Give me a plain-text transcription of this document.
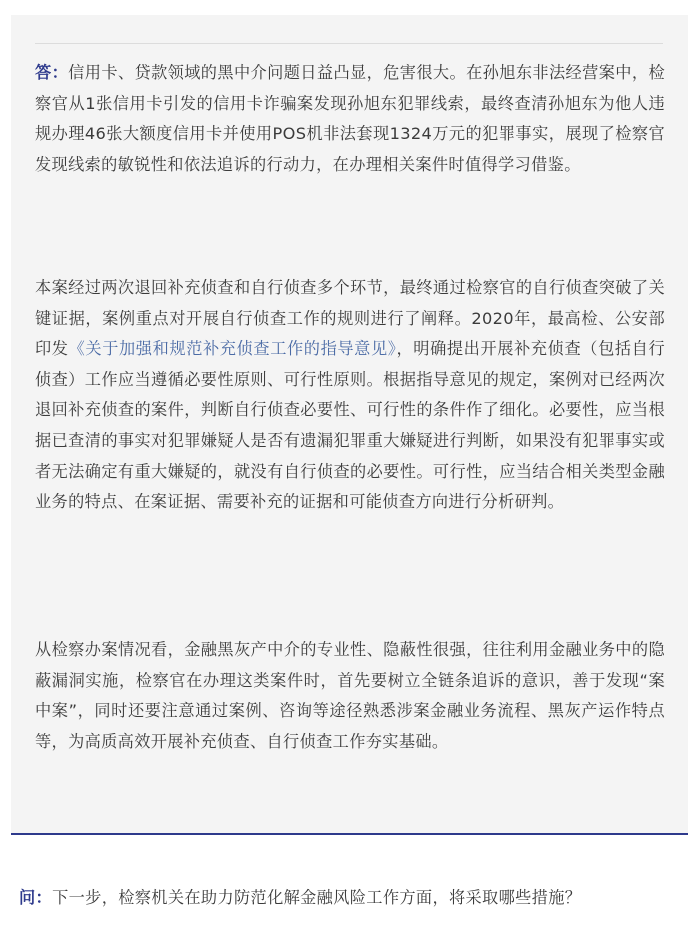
答：信用卡、贷款领域的黑中介问题日益凸显，危害很大。在孙旭东非法经营案中，检察官从1张信用卡引发的信用卡诈骗案发现孙旭东犯罪线索，最终查清孙旭东为他人违规办理46张大额度信用卡并使用POS机非法套现1324万元的犯罪事实，展现了检察官发现线索的敏锐性和依法追诉的行动力，在办理相关案件时值得学习借鉴。

本案经过两次退回补充侦查和自行侦查多个环节，最终通过检察官的自行侦查突破了关键证据，案例重点对开展自行侦查工作的规则进行了阐释。2020年，最高检、公安部印发《关于加强和规范补充侦查工作的指导意见》，明确提出开展补充侦查（包括自行侦查）工作应当遵循必要性原则、可行性原则。根据指导意见的规定，案例对已经两次退回补充侦查的案件，判断自行侦查必要性、可行性的条件作了细化。必要性，应当根据已查清的事实对犯罪嫌疑人是否有遗漏犯罪重大嫌疑进行判断，如果没有犯罪事实或者无法确定有重大嫌疑的，就没有自行侦查的必要性。可行性，应当结合相关类型金融业务的特点、在案证据、需要补充的证据和可能侦查方向进行分析研判。

从检察办案情况看，金融黑灰产中介的专业性、隐蔽性很强，往往利用金融业务中的隐蔽漏洞实施，检察官在办理这类案件时，首先要树立全链条追诉的意识，善于发现“案中案”，同时还要注意通过案例、咨询等途径熟悉涉案金融业务流程、黑灰产运作特点等，为高质高效开展补充侦查、自行侦查工作夯实基础。

问：下一步，检察机关在助力防范化解金融风险工作方面，将采取哪些措施？
